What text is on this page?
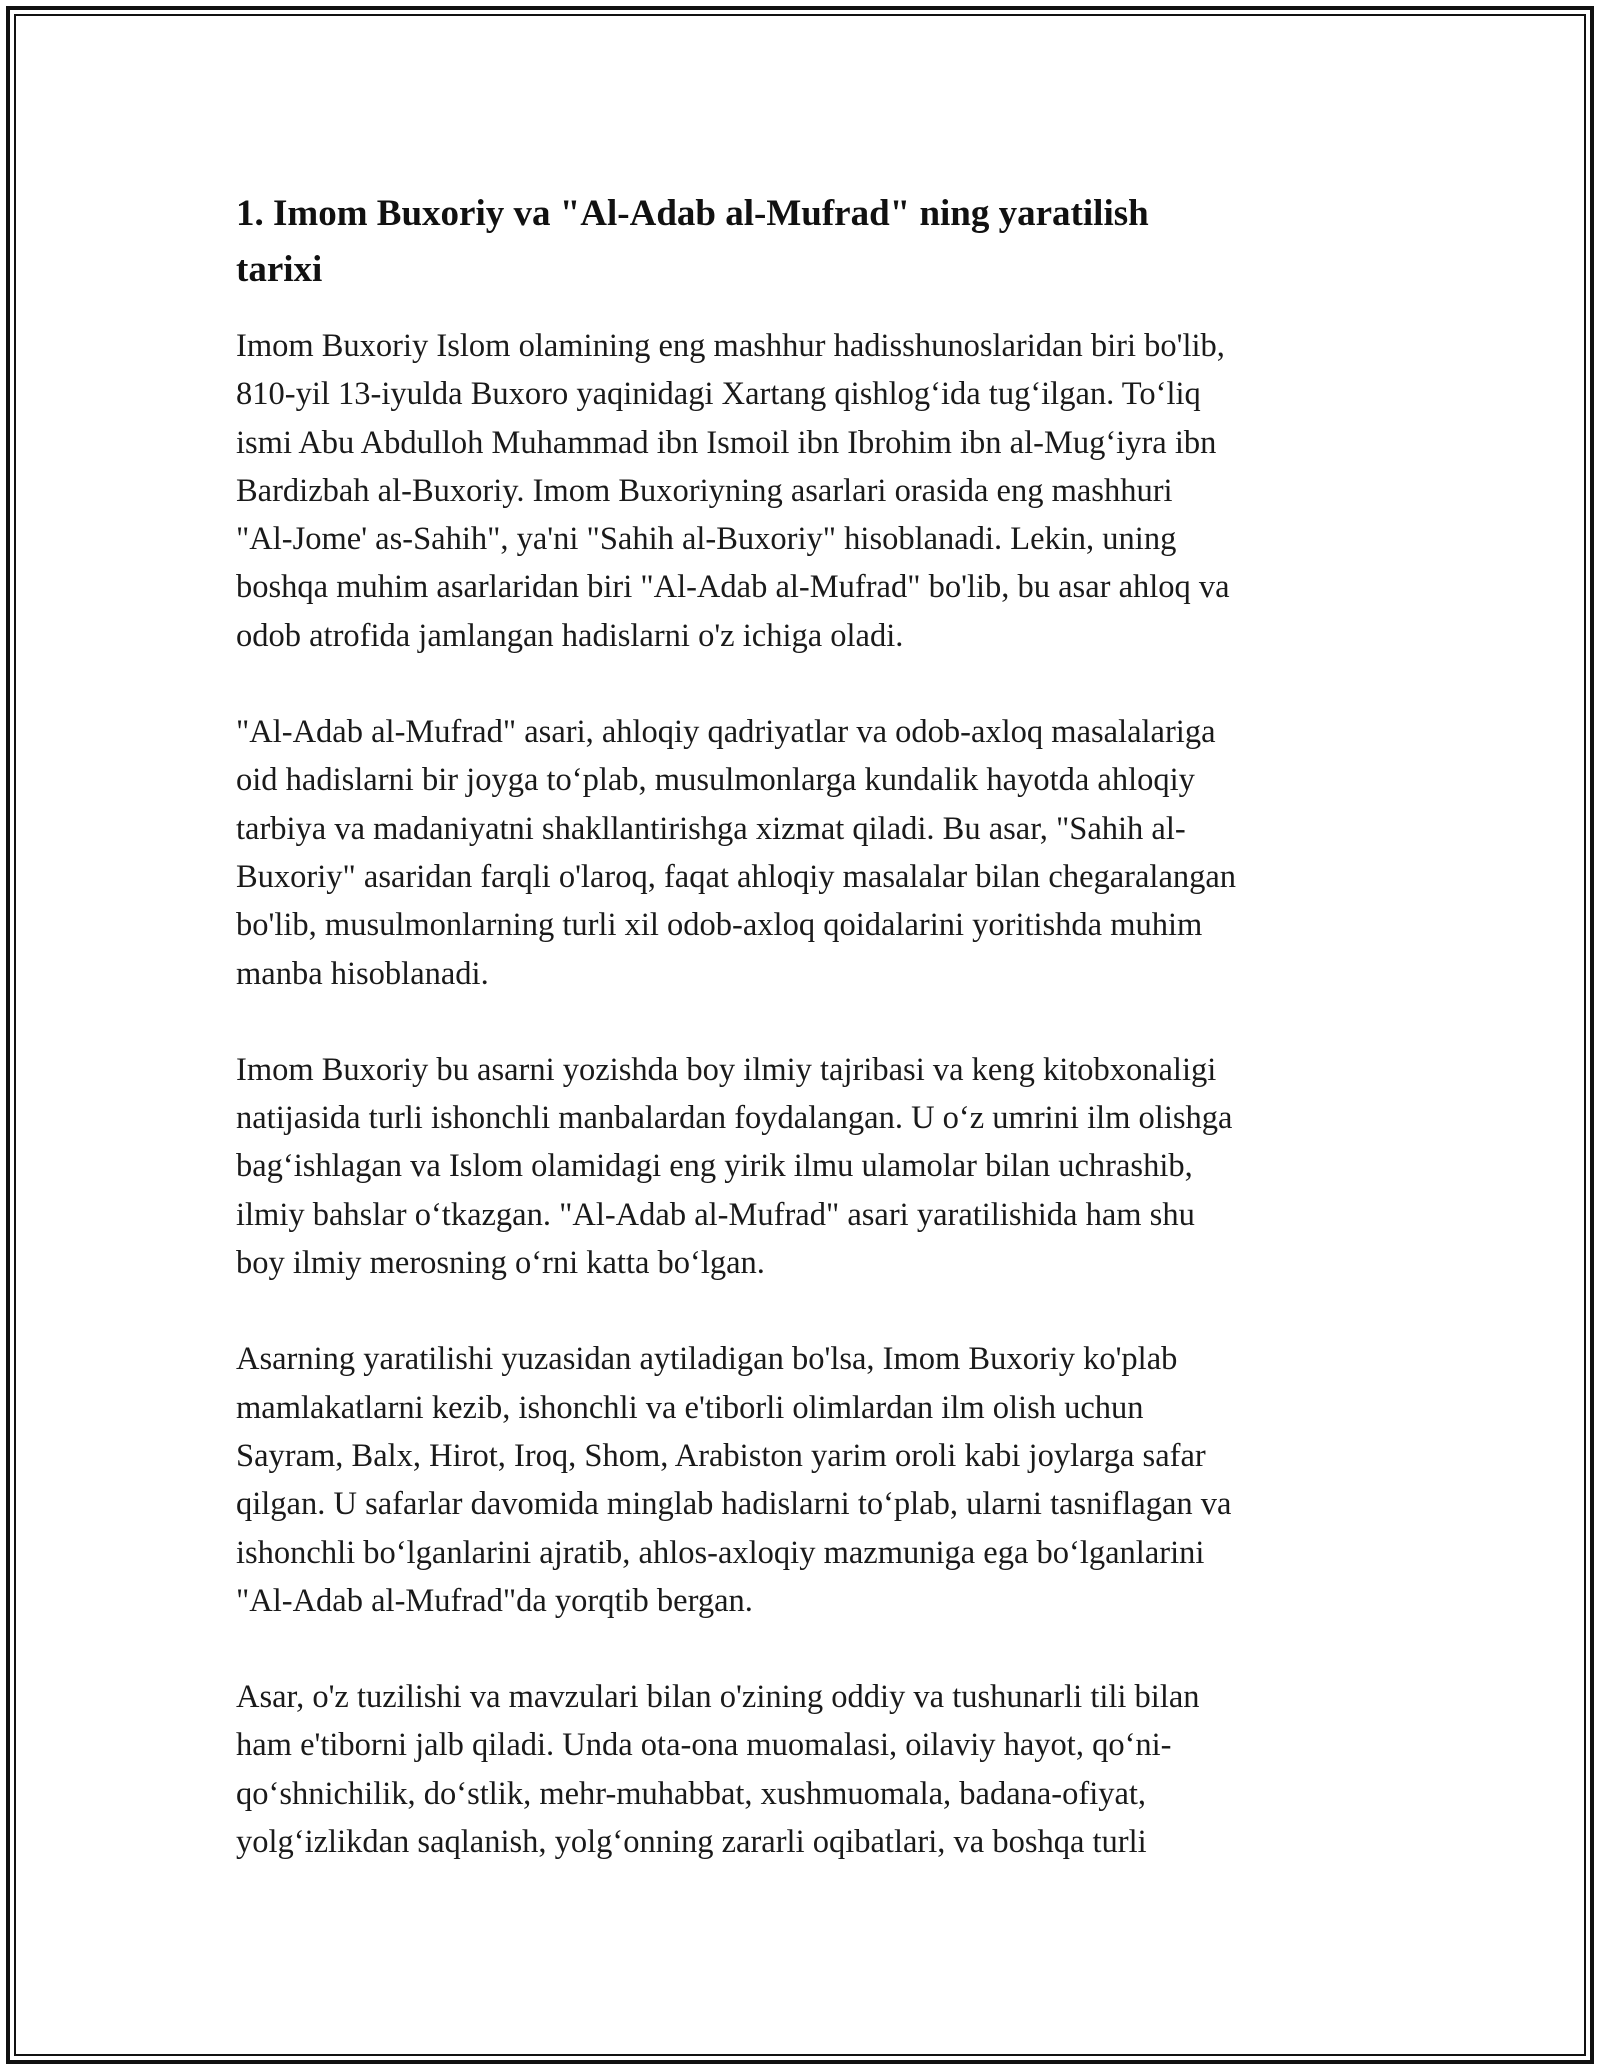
1. Imom Buxoriy va "Al-Adab al-Mufrad" ning yaratilish
tarixi

Imom Buxoriy Islom olamining eng mashhur hadisshunoslaridan biri bo'lib,
810-yil 13-iyulda Buxoro yaqinidagi Xartang qishlog‘ida tug‘ilgan. To‘liq
ismi Abu Abdulloh Muhammad ibn Ismoil ibn Ibrohim ibn al-Mug‘iyra ibn
Bardizbah al-Buxoriy. Imom Buxoriyning asarlari orasida eng mashhuri
"Al-Jome' as-Sahih", ya'ni "Sahih al-Buxoriy" hisoblanadi. Lekin, uning
boshqa muhim asarlaridan biri "Al-Adab al-Mufrad" bo'lib, bu asar ahloq va
odob atrofida jamlangan hadislarni o'z ichiga oladi.

"Al-Adab al-Mufrad" asari, ahloqiy qadriyatlar va odob-axloq masalalariga
oid hadislarni bir joyga to‘plab, musulmonlarga kundalik hayotda ahloqiy
tarbiya va madaniyatni shakllantirishga xizmat qiladi. Bu asar, "Sahih al-
Buxoriy" asaridan farqli o'laroq, faqat ahloqiy masalalar bilan chegaralangan
bo'lib, musulmonlarning turli xil odob-axloq qoidalarini yoritishda muhim
manba hisoblanadi.

Imom Buxoriy bu asarni yozishda boy ilmiy tajribasi va keng kitobxonaligi
natijasida turli ishonchli manbalardan foydalangan. U o‘z umrini ilm olishga
bag‘ishlagan va Islom olamidagi eng yirik ilmu ulamolar bilan uchrashib,
ilmiy bahslar o‘tkazgan. "Al-Adab al-Mufrad" asari yaratilishida ham shu
boy ilmiy merosning o‘rni katta bo‘lgan.

Asarning yaratilishi yuzasidan aytiladigan bo'lsa, Imom Buxoriy ko'plab
mamlakatlarni kezib, ishonchli va e'tiborli olimlardan ilm olish uchun
Sayram, Balx, Hirot, Iroq, Shom, Arabiston yarim oroli kabi joylarga safar
qilgan. U safarlar davomida minglab hadislarni to‘plab, ularni tasniflagan va
ishonchli bo‘lganlarini ajratib, ahlos-axloqiy mazmuniga ega bo‘lganlarini
"Al-Adab al-Mufrad"da yorqtib bergan.

Asar, o'z tuzilishi va mavzulari bilan o'zining oddiy va tushunarli tili bilan
ham e'tiborni jalb qiladi. Unda ota-ona muomalasi, oilaviy hayot, qo‘ni-
qo‘shnichilik, do‘stlik, mehr-muhabbat, xushmuomala, badana-ofiyat,
yolg‘izlikdan saqlanish, yolg‘onning zararli oqibatlari, va boshqa turli
